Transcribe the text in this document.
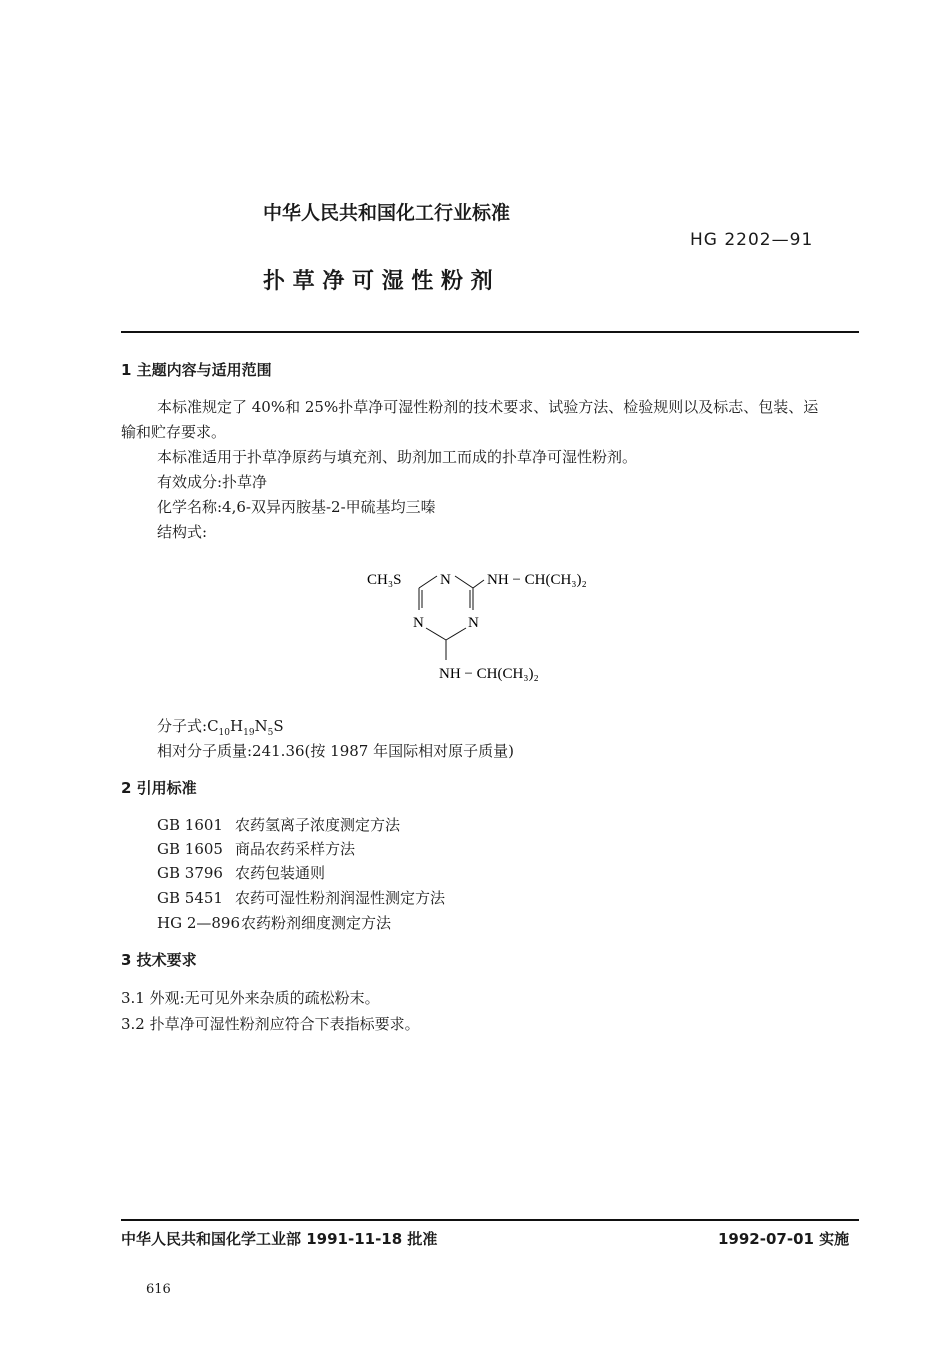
中华人民共和国化工行业标准
HG 2202—91
扑 草 净 可 湿 性 粉 剂
1 主题内容与适用范围
本标准规定了 40%和 25%扑草净可湿性粉剂的技术要求、试验方法、检验规则以及标志、包装、运
输和贮存要求。
本标准适用于扑草净原药与填充剂、助剂加工而成的扑草净可湿性粉剂。
有效成分:扑草净
化学名称:4,6-双异丙胺基-2-甲硫基均三嗪
结构式:
CH₃S	N NH − CH(CH₃)₂
N	N
NH − CH(CH₃)₂
分子式$:C_{10}H_{19}N_5S$
相对分子质量:241.36(按 1987 年国际相对原子质量)
2 引用标准
GB 1601 农药氢离子浓度测定方法
GB 1605 商品农药采样方法
GB 3796 农药包装通则
GB 5451 农药可湿性粉剂润湿性测定方法
HG 2—896农药粉剂细度测定方法
3 技术要求
3.1 外观:无可见外来杂质的疏松粉末。
3.2 扑草净可湿性粉剂应符合下表指标要求。
中华人民共和国化学工业部 1991-11-18 批准	1992-07-01 实施
616
